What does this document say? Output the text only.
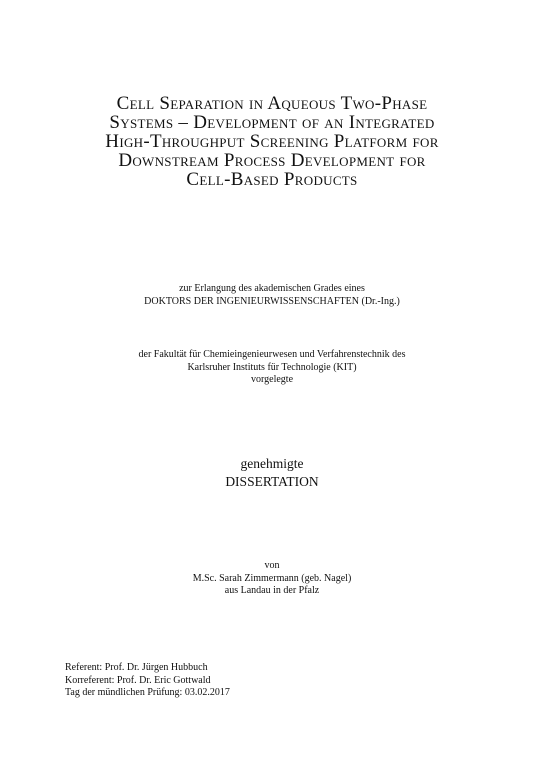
Cell Separation in Aqueous Two-Phase
Systems – Development of an Integrated
High-Throughput Screening Platform for
Downstream Process Development for
Cell-Based Products
zur Erlangung des akademischen Grades eines
DOKTORS DER INGENIEURWISSENSCHAFTEN (Dr.-Ing.)
der Fakultät für Chemieingenieurwesen und Verfahrenstechnik des
Karlsruher Instituts für Technologie (KIT)
vorgelegte
genehmigte
DISSERTATION
von
M.Sc. Sarah Zimmermann (geb. Nagel)
aus Landau in der Pfalz
Referent: Prof. Dr. Jürgen Hubbuch
Korreferent: Prof. Dr. Eric Gottwald
Tag der mündlichen Prüfung: 03.02.2017
